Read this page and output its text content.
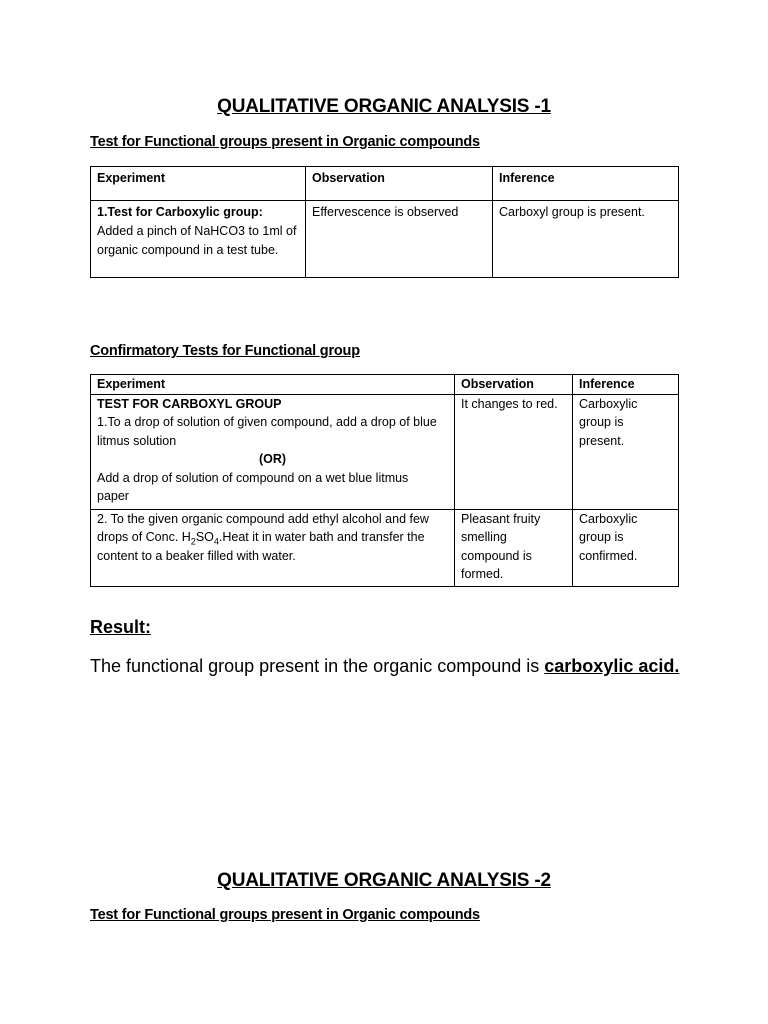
QUALITATIVE ORGANIC ANALYSIS -1
Test for Functional groups present in Organic compounds
Experiment	Observation	Inference

1.Test for Carboxylic group:
Added a pinch of NaHCO3 to 1ml of organic compound in a test tube.	Effervescence is observed	Carboxyl group is present.
Confirmatory Tests for Functional group
Experiment	Observation	Inference

TEST FOR CARBOXYL GROUP
1.To a drop of solution of given compound, add a drop of blue litmus solution
(OR)
Add a drop of solution of compound on a wet blue litmus paper	It changes to red.	Carboxylic group is present.
2. To the given organic compound add ethyl alcohol and few drops of Conc. $H_2SO_4.Heat$ it in water bath and transfer the content to a beaker filled with water.	Pleasant fruity smelling compound is formed.	Carboxylic group is confirmed.
Result:
The functional group present in the organic compound is carboxylic acid.
QUALITATIVE ORGANIC ANALYSIS -2
Test for Functional groups present in Organic compounds
